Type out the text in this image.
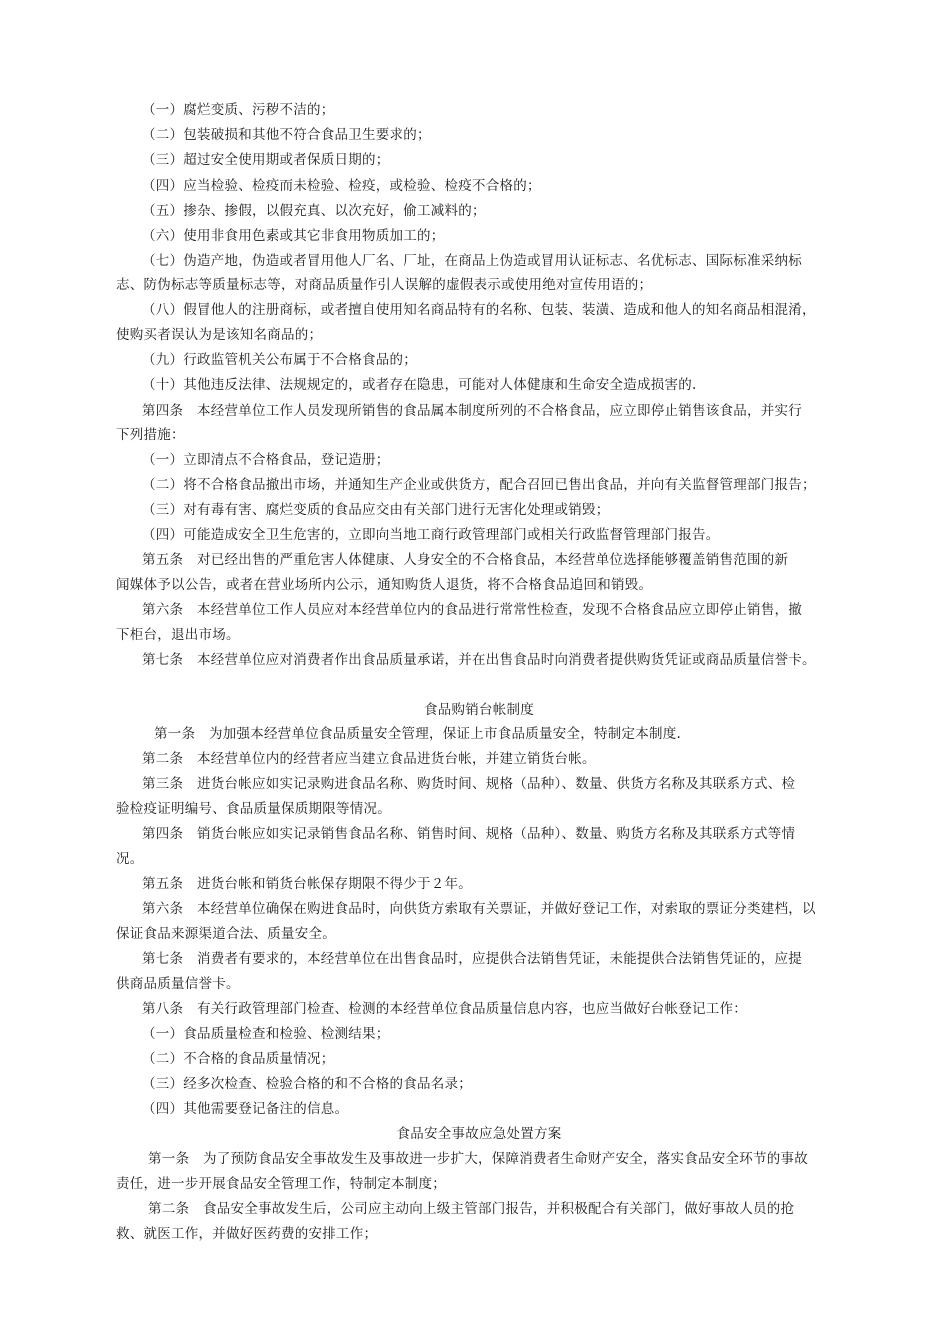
（一）腐烂变质、污秽不洁的；
（二）包装破损和其他不符合食品卫生要求的；
（三）超过安全使用期或者保质日期的；
（四）应当检验、检疫而未检验、检疫，或检验、检疫不合格的；
（五）掺杂、掺假，以假充真、以次充好，偷工减料的；
（六）使用非食用色素或其它非食用物质加工的；
（七）伪造产地，伪造或者冒用他人厂名、厂址，在商品上伪造或冒用认证标志、名优标志、国际标准采纳标
志、防伪标志等质量标志等，对商品质量作引人误解的虚假表示或使用绝对宣传用语的；
（八）假冒他人的注册商标，或者擅自使用知名商品特有的名称、包装、装潢、造成和他人的知名商品相混淆，
使购买者误认为是该知名商品的；
（九）行政监管机关公布属于不合格食品的；
（十）其他违反法律、法规规定的，或者存在隐患，可能对人体健康和生命安全造成损害的.
第四条　本经营单位工作人员发现所销售的食品属本制度所列的不合格食品，应立即停止销售该食品，并实行
下列措施：
（一）立即清点不合格食品，登记造册；
（二）将不合格食品撤出市场，并通知生产企业或供货方，配合召回已售出食品，并向有关监督管理部门报告；
（三）对有毒有害、腐烂变质的食品应交由有关部门进行无害化处理或销毁；
（四）可能造成安全卫生危害的，立即向当地工商行政管理部门或相关行政监督管理部门报告。
第五条　对已经出售的严重危害人体健康、人身安全的不合格食品，本经营单位选择能够覆盖销售范围的新
闻媒体予以公告，或者在营业场所内公示，通知购货人退货，将不合格食品追回和销毁。
第六条　本经营单位工作人员应对本经营单位内的食品进行常常性检查，发现不合格食品应立即停止销售，撤
下柜台，退出市场。
第七条　本经营单位应对消费者作出食品质量承诺，并在出售食品时向消费者提供购货凭证或商品质量信誉卡。
食品购销台帐制度
第一条　为加强本经营单位食品质量安全管理，保证上市食品质量安全，特制定本制度.
第二条　本经营单位内的经营者应当建立食品进货台帐，并建立销货台帐。
第三条　进货台帐应如实记录购进食品名称、购货时间、规格（品种）、数量、供货方名称及其联系方式、检
验检疫证明编号、食品质量保质期限等情况。
第四条　销货台帐应如实记录销售食品名称、销售时间、规格（品种）、数量、购货方名称及其联系方式等情
况。
第五条　进货台帐和销货台帐保存期限不得少于２年。
第六条　本经营单位确保在购进食品时，向供货方索取有关票证，并做好登记工作，对索取的票证分类建档，以
保证食品来源渠道合法、质量安全。
第七条　消费者有要求的，本经营单位在出售食品时，应提供合法销售凭证，未能提供合法销售凭证的，应提
供商品质量信誉卡。
第八条　有关行政管理部门检查、检测的本经营单位食品质量信息内容，也应当做好台帐登记工作：
（一）食品质量检查和检验、检测结果；
（二）不合格的食品质量情况；
（三）经多次检查、检验合格的和不合格的食品名录；
（四）其他需要登记备注的信息。
食品安全事故应急处置方案
第一条　为了预防食品安全事故发生及事故进一步扩大，保障消费者生命财产安全，落实食品安全环节的事故
责任，进一步开展食品安全管理工作，特制定本制度；
第二条　食品安全事故发生后，公司应主动向上级主管部门报告，并积极配合有关部门，做好事故人员的抢
救、就医工作，并做好医药费的安排工作；
